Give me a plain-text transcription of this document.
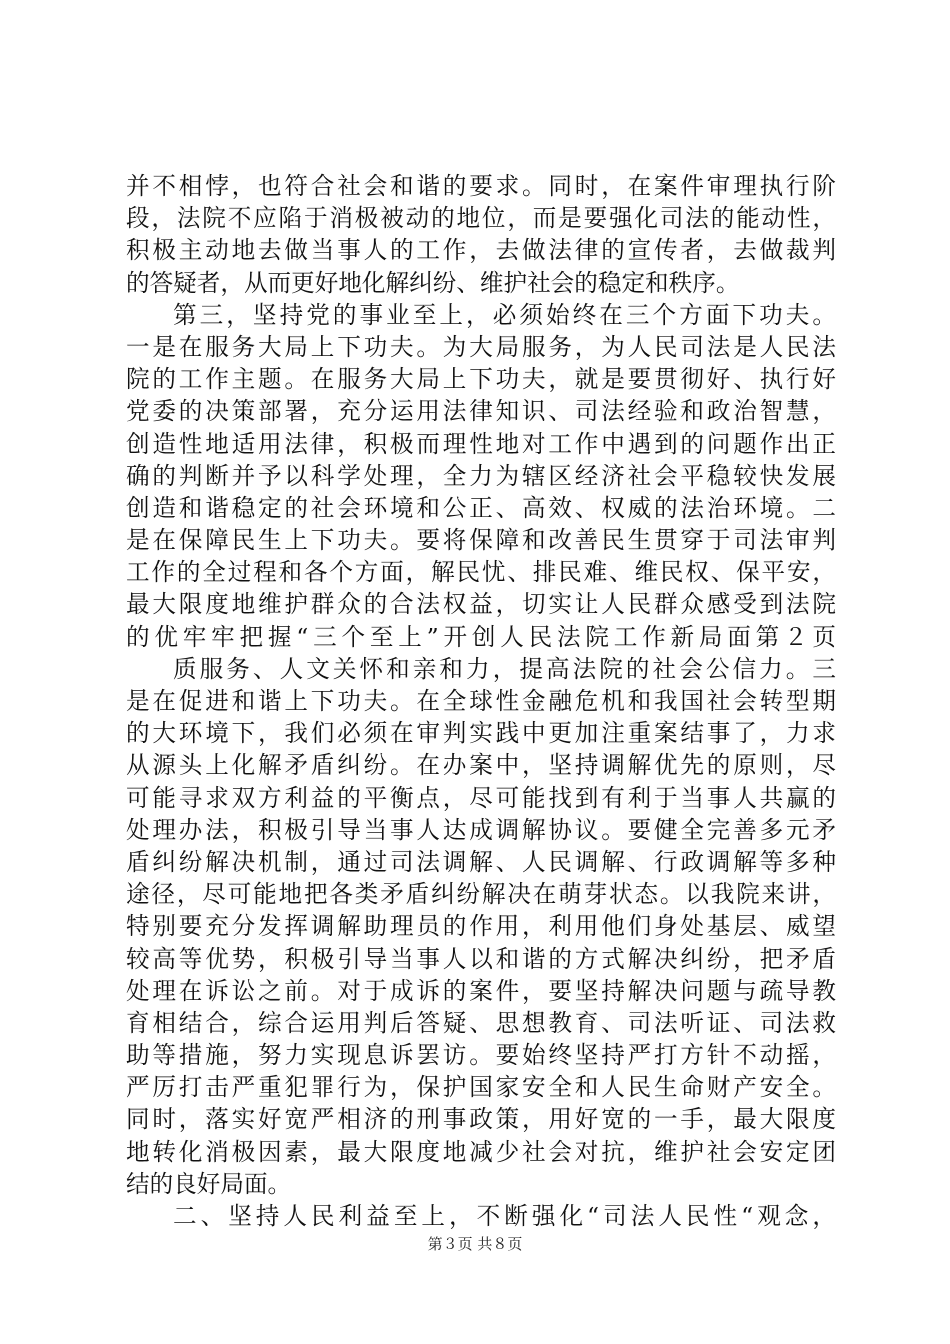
并不相悖，也符合社会和谐的要求。同时，在案件审理执行阶
段，法院不应陷于消极被动的地位，而是要强化司法的能动性，
积极主动地去做当事人的工作，去做法律的宣传者，去做裁判
的答疑者，从而更好地化解纠纷、维护社会的稳定和秩序。
第三，坚持党的事业至上，必须始终在三个方面下功夫。
一是在服务大局上下功夫。为大局服务，为人民司法是人民法
院的工作主题。在服务大局上下功夫，就是要贯彻好、执行好
党委的决策部署，充分运用法律知识、司法经验和政治智慧，
创造性地适用法律，积极而理性地对工作中遇到的问题作出正
确的判断并予以科学处理，全力为辖区经济社会平稳较快发展
创造和谐稳定的社会环境和公正、高效、权威的法治环境。二
是在保障民生上下功夫。要将保障和改善民生贯穿于司法审判
工作的全过程和各个方面，解民忧、排民难、维民权、保平安，
最大限度地维护群众的合法权益，切实让人民群众感受到法院
的优牢牢把握“三个至上”开创人民法院工作新局面第２页
质服务、人文关怀和亲和力，提高法院的社会公信力。三
是在促进和谐上下功夫。在全球性金融危机和我国社会转型期
的大环境下，我们必须在审判实践中更加注重案结事了，力求
从源头上化解矛盾纠纷。在办案中，坚持调解优先的原则，尽
可能寻求双方利益的平衡点，尽可能找到有利于当事人共赢的
处理办法，积极引导当事人达成调解协议。要健全完善多元矛
盾纠纷解决机制，通过司法调解、人民调解、行政调解等多种
途径，尽可能地把各类矛盾纠纷解决在萌芽状态。以我院来讲，
特别要充分发挥调解助理员的作用，利用他们身处基层、威望
较高等优势，积极引导当事人以和谐的方式解决纠纷，把矛盾
处理在诉讼之前。对于成诉的案件，要坚持解决问题与疏导教
育相结合，综合运用判后答疑、思想教育、司法听证、司法救
助等措施，努力实现息诉罢访。要始终坚持严打方针不动摇，
严厉打击严重犯罪行为，保护国家安全和人民生命财产安全。
同时，落实好宽严相济的刑事政策，用好宽的一手，最大限度
地转化消极因素，最大限度地减少社会对抗，维护社会安定团
结的良好局面。
二、坚持人民利益至上，不断强化“司法人民性“观念，
第３页 共８页
